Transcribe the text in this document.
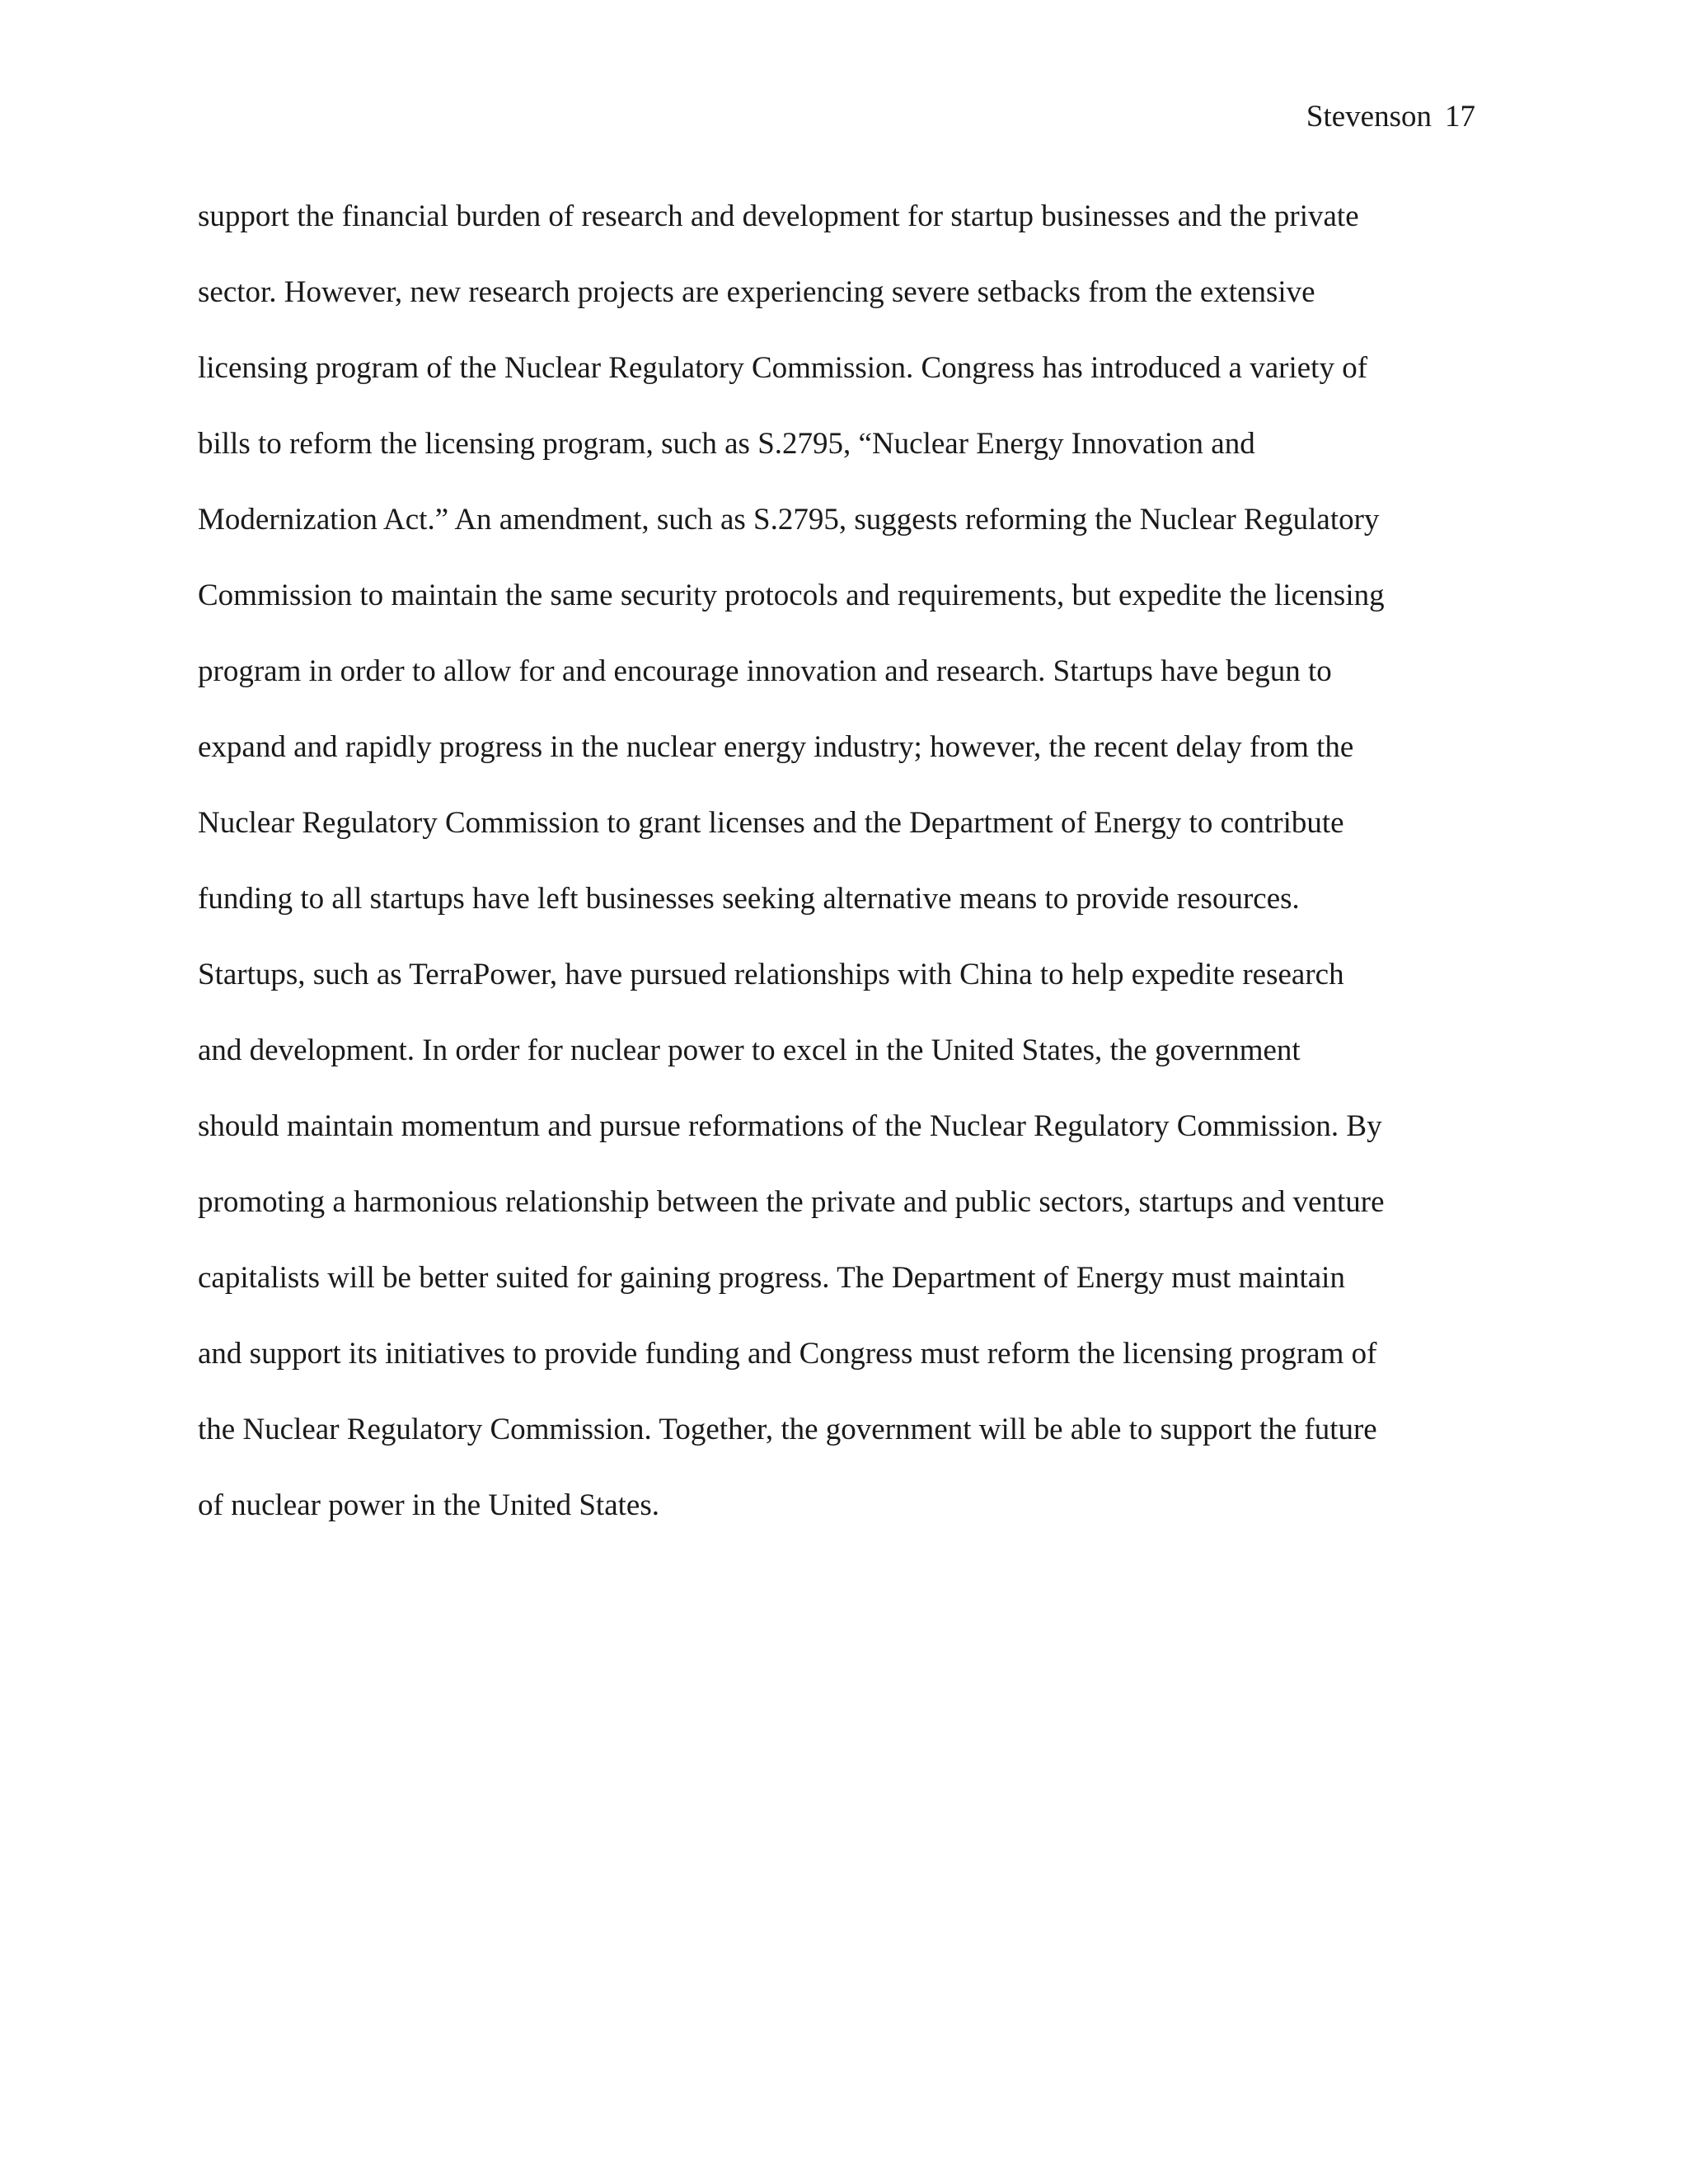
Stevenson 17

support the financial burden of research and development for startup businesses and the private
sector. However, new research projects are experiencing severe setbacks from the extensive
licensing program of the Nuclear Regulatory Commission. Congress has introduced a variety of
bills to reform the licensing program, such as S.2795, “Nuclear Energy Innovation and
Modernization Act.” An amendment, such as S.2795, suggests reforming the Nuclear Regulatory
Commission to maintain the same security protocols and requirements, but expedite the licensing
program in order to allow for and encourage innovation and research. Startups have begun to
expand and rapidly progress in the nuclear energy industry; however, the recent delay from the
Nuclear Regulatory Commission to grant licenses and the Department of Energy to contribute
funding to all startups have left businesses seeking alternative means to provide resources.
Startups, such as TerraPower, have pursued relationships with China to help expedite research
and development. In order for nuclear power to excel in the United States, the government
should maintain momentum and pursue reformations of the Nuclear Regulatory Commission. By
promoting a harmonious relationship between the private and public sectors, startups and venture
capitalists will be better suited for gaining progress. The Department of Energy must maintain
and support its initiatives to provide funding and Congress must reform the licensing program of
the Nuclear Regulatory Commission. Together, the government will be able to support the future
of nuclear power in the United States.
